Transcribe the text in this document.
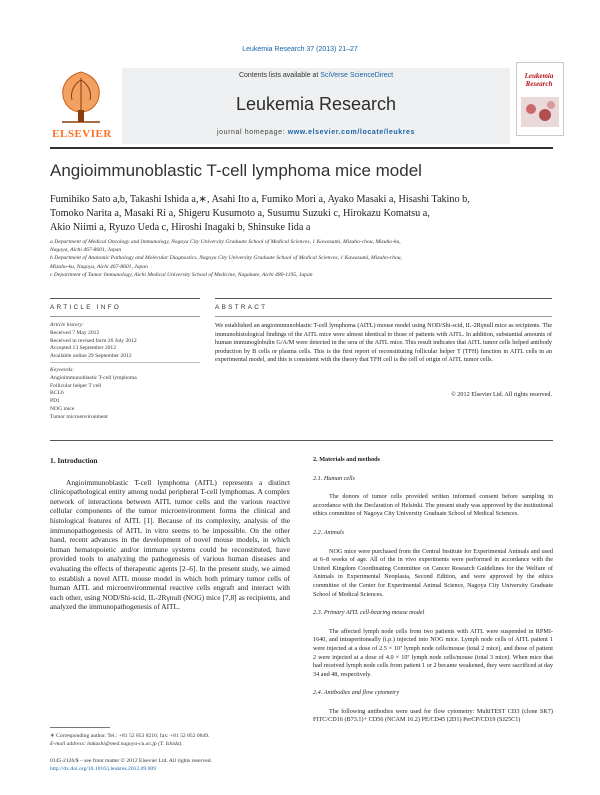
Leukemia Research 37 (2013) 21–27
ELSEVIER
Contents lists available at SciVerse ScienceDirect
Leukemia Research
journal homepage: www.elsevier.com/locate/leukres
Leukemia Research
Angioimmunoblastic T-cell lymphoma mice model
Fumihiko Sato a,b, Takashi Ishida a,∗, Asahi Ito a, Fumiko Mori a, Ayako Masaki a, Hisashi Takino b,
Tomoko Narita a, Masaki Ri a, Shigeru Kusumoto a, Susumu Suzuki c, Hirokazu Komatsu a,
Akio Niimi a, Ryuzo Ueda c, Hiroshi Inagaki b, Shinsuke Iida a
a Department of Medical Oncology and Immunology, Nagoya City University Graduate School of Medical Sciences, 1 Kawasumi, Mizuho-chou, Mizuho-ku,
Nagoya, Aichi 467-8601, Japan
b Department of Anatomic Pathology and Molecular Diagnostics, Nagoya City University Graduate School of Medical Sciences, 1 Kawasumi, Mizuho-chou,
Mizuho-ku, Nagoya, Aichi 467-8601, Japan
c Department of Tumor Immunology, Aichi Medical University School of Medicine, Nagakute, Aichi 480-1195, Japan
ARTICLE INFO	ABSTRACT
Article history:
Received 7 May 2012
Received in revised form 26 July 2012
Accepted 13 September 2012
Available online 29 September 2012
Keywords:
Angioimmunoblastic T-cell lymphoma
Follicular helper T cell
BCL6
PD1
NOG mice
Tumor microenvironment
We established an angioimmunoblastic T-cell lymphoma (AITL) mouse model using NOD/Shi-scid, IL-2Rγnull mice as recipients. The immunohistological findings of the AITL mice were almost identical to those of patients with AITL. In addition, substantial amounts of human immunoglobulin G/A/M were detected in the sera of the AITL mice. This result indicates that AITL tumor cells helped antibody production by B cells or plasma cells. This is the first report of reconstituting follicular helper T (TFH) function in AITL cells in an experimental model, and this is consistent with the theory that TFH cell is the cell of origin of AITL tumor cells.
© 2012 Elsevier Ltd. All rights reserved.
1. Introduction
Angioimmunoblastic T-cell lymphoma (AITL) represents a distinct clinicopathological entity among nodal peripheral T-cell lymphomas. A complex network of interactions between AITL tumor cells and the various reactive cellular components of the tumor microenvironment forms the clinical and histological features of AITL [1]. Because of its complexity, analysis of the immunopathogenesis of AITL in vitro seems to be impossible. On the other hand, recent advances in the development of novel mouse models, in which human hematopoietic and/or immune systems could be reconstituted, have provided tools to analyzing the pathogenesis of various human diseases and evaluating the effects of therapeutic agents [2–6]. In the present study, we aimed to establish a novel AITL mouse model in which both primary tumor cells of human AITL and microenvironmental reactive cells engraft and interact with each other, using NOD/Shi-scid, IL-2Rγnull (NOG) mice [7,8] as recipients, and analyzed the immunopathogenesis of AITL.
∗ Corresponding author. Tel.: +81 52 853 8216; fax: +81 52 852 0849.
E-mail address: itakashi@med.nagoya-cu.ac.jp (T. Ishida).
0145-2126/$ – see front matter © 2012 Elsevier Ltd. All rights reserved.
http://dx.doi.org/10.1016/j.leukres.2012.09.009
2. Materials and methods
2.1. Human cells
The donors of tumor cells provided written informed consent before sampling in accordance with the Declaration of Helsinki. The present study was approved by the institutional ethics committee of Nagoya City University Graduate School of Medical Sciences.
2.2. Animals
NOG mice were purchased from the Central Institute for Experimental Animals and used at 6–8 weeks of age. All of the in vivo experiments were performed in accordance with the United Kingdom Coordinating Committee on Cancer Research Guidelines for the Welfare of Animals in Experimental Neoplasia, Second Edition, and were approved by the ethics committee of the Center for Experimental Animal Science, Nagoya City University Graduate School of Medical Sciences.
2.3. Primary AITL cell-bearing mouse model
The affected lymph node cells from two patients with AITL were suspended in RPMI-1640, and intraperitoneally (i.p.) injected into NOG mice. Lymph node cells of AITL patient 1 were injected at a dose of 2.5 × 10⁷ lymph node cells/mouse (total 2 mice), and those of patient 2 were injected at a dose of 4.0 × 10⁷ lymph node cells/mouse (total 3 mice). When mice that had received lymph node cells from patient 1 or 2 became weakened, they were sacrificed at day 34 and 48, respectively.
2.4. Antibodies and flow cytometry
The following antibodies were used for flow cytometry: MultiTEST CD3 (clone SK7) FITC/CD16 (B73.1)+ CD56 (NCAM 16.2) PE/CD45 (2D1) PerCP/CD19 (SJ25C1)
